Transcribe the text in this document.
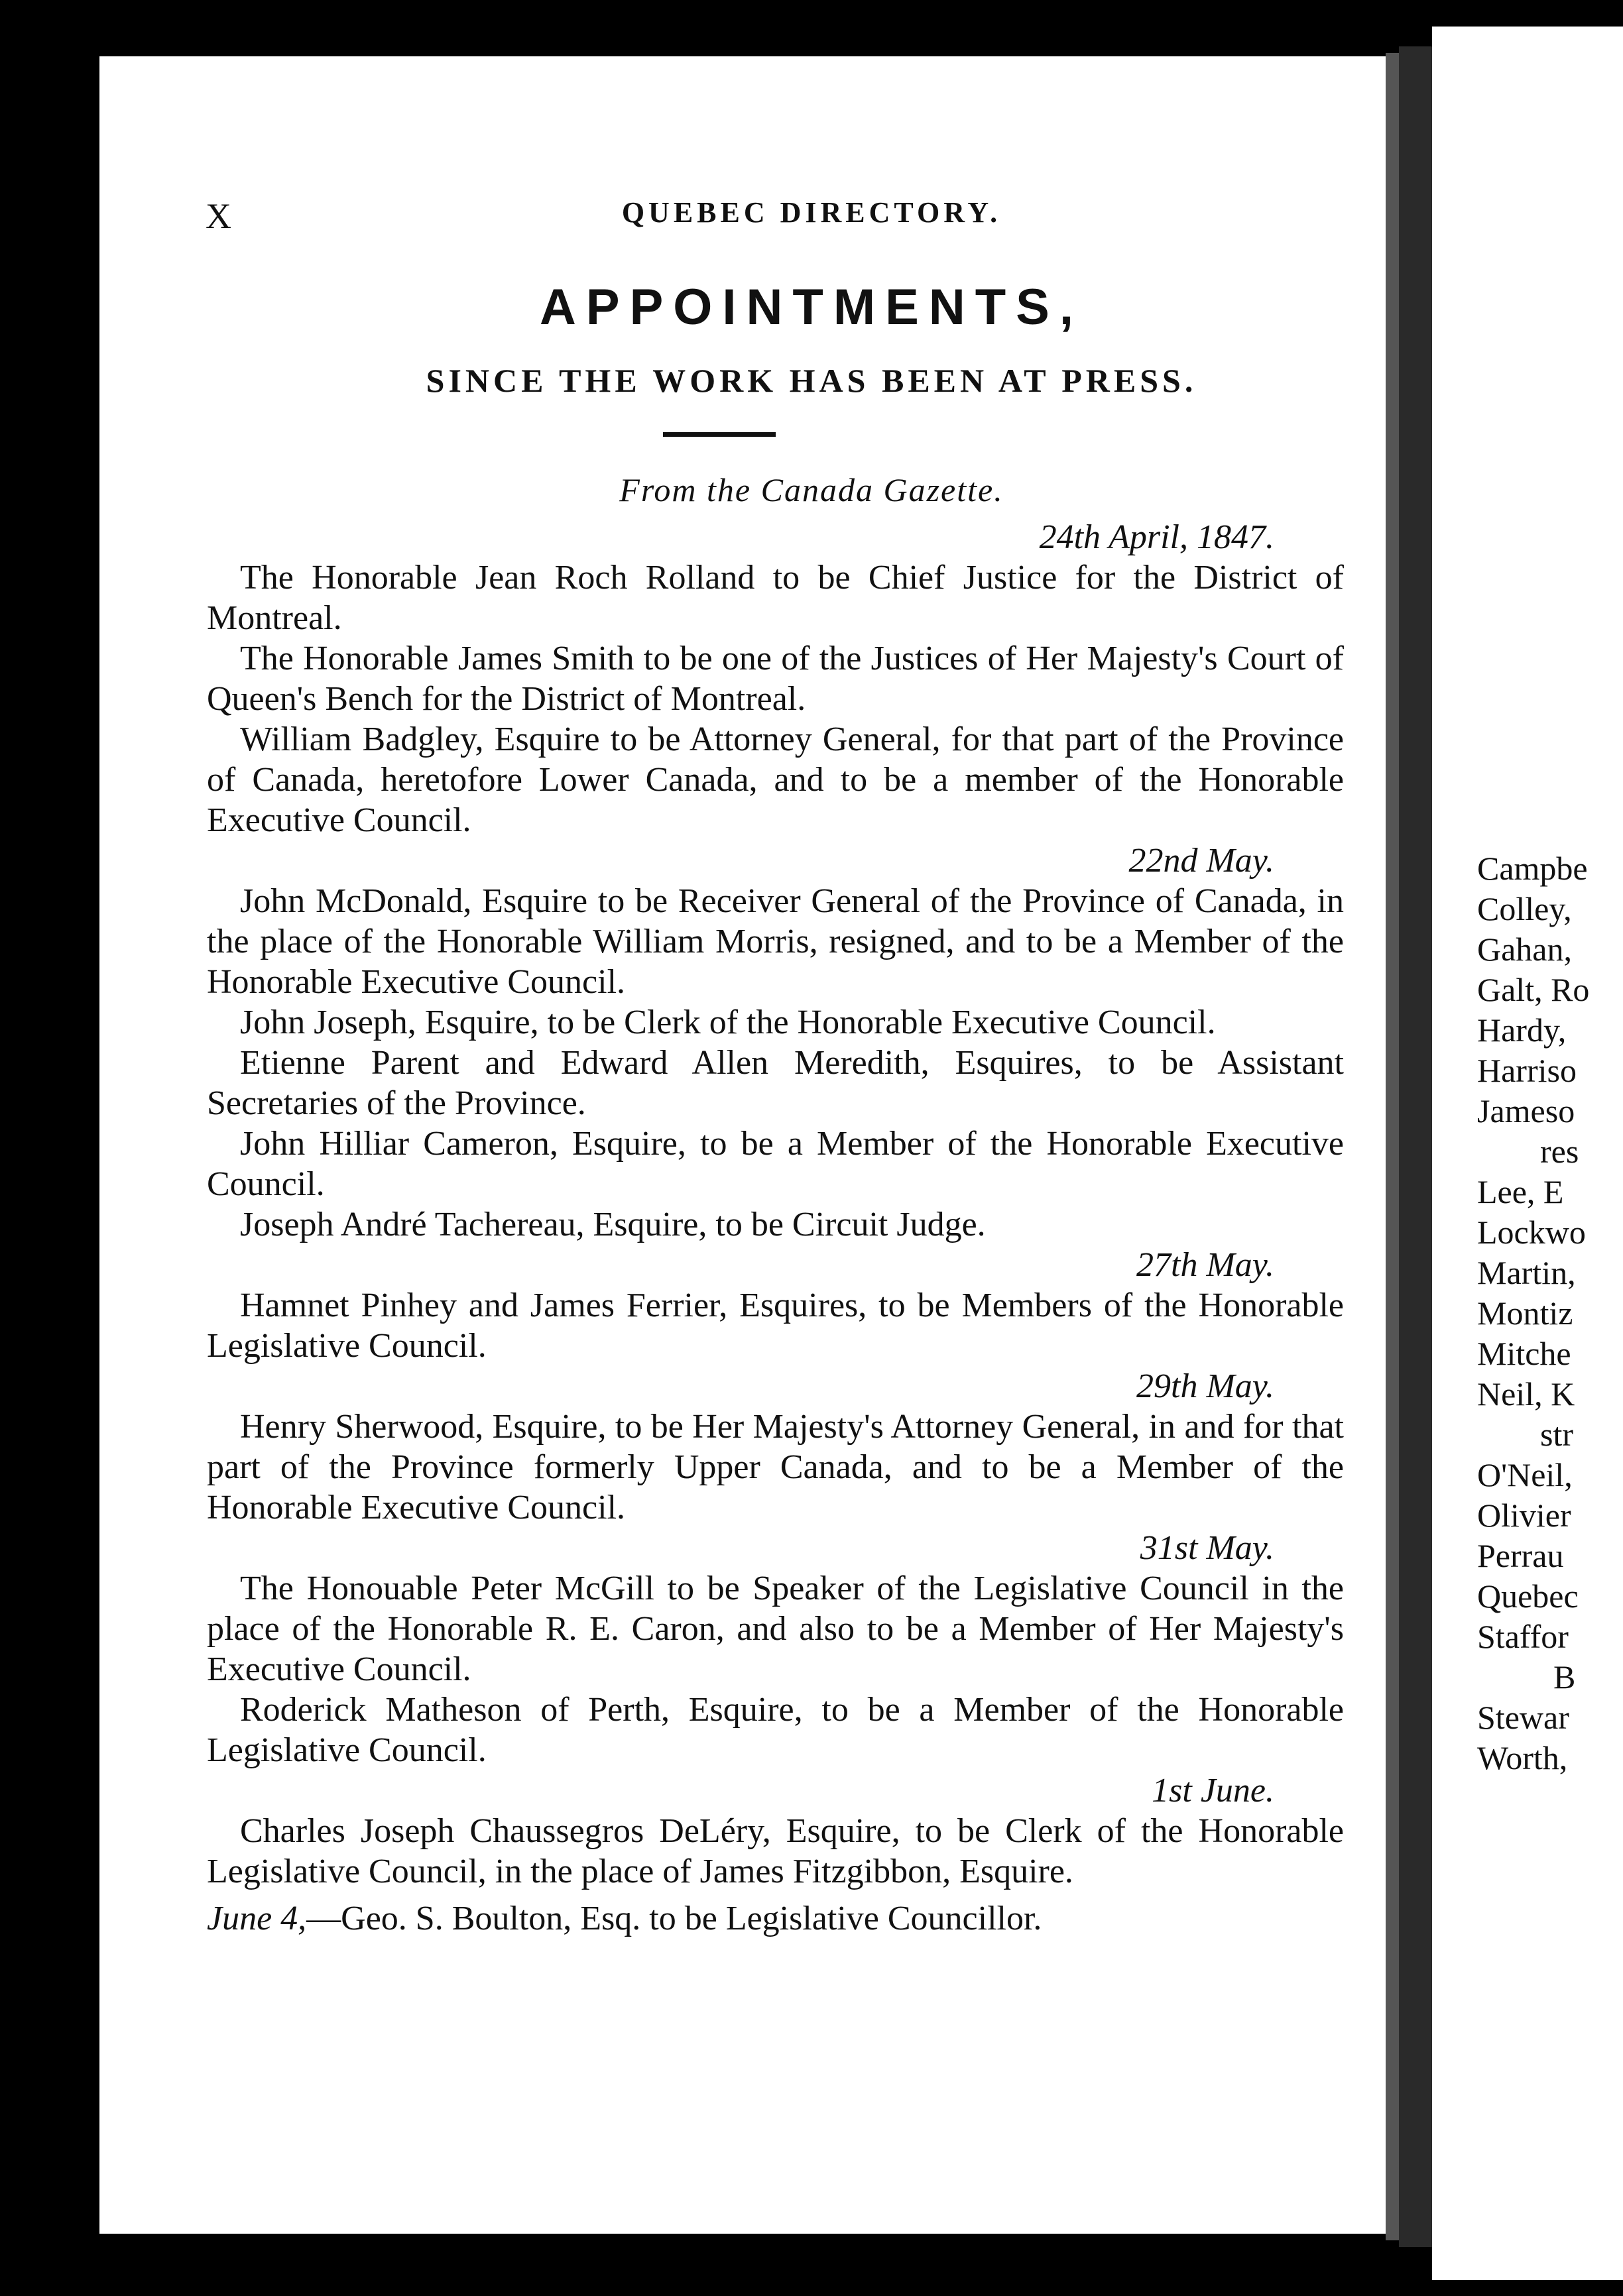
X	QUEBEC DIRECTORY.
APPOINTMENTS,
SINCE THE WORK HAS BEEN AT PRESS.
From the Canada Gazette.
24th April, 1847.

The Honorable Jean Roch Rolland to be Chief Justice for the District of Montreal.

The Honorable James Smith to be one of the Justices of Her Majesty's Court of Queen's Bench for the District of Montreal.

William Badgley, Esquire to be Attorney General, for that part of the Province of Canada, heretofore Lower Canada, and to be a member of the Honorable Executive Council.

22nd May.

John McDonald, Esquire to be Receiver General of the Province of Canada, in the place of the Honorable William Morris, resigned, and to be a Member of the Honorable Executive Council.

John Joseph, Esquire, to be Clerk of the Honorable Executive Council.

Etienne Parent and Edward Allen Meredith, Esquires, to be Assistant Secretaries of the Province.

John Hilliar Cameron, Esquire, to be a Member of the Honorable Executive Council.

Joseph André Tachereau, Esquire, to be Circuit Judge.

27th May.

Hamnet Pinhey and James Ferrier, Esquires, to be Members of the Honorable Legislative Council.

29th May.

Henry Sherwood, Esquire, to be Her Majesty's Attorney General, in and for that part of the Province formerly Upper Canada, and to be a Member of the Honorable Executive Council.

31st May.

The Honouable Peter McGill to be Speaker of the Legislative Council in the place of the Honorable R. E. Caron, and also to be a Member of Her Majesty's Executive Council.

Roderick Matheson of Perth, Esquire, to be a Member of the Honorable Legislative Council.

1st June.

Charles Joseph Chaussegros DeLéry, Esquire, to be Clerk of the Honorable Legislative Council, in the place of James Fitzgibbon, Esquire.

June 4,—Geo. S. Boulton, Esq. to be Legislative Councillor.
Campbe
Colley,
Gahan,
Galt, Ro
Hardy,
Harriso
Jameso
res
Lee, E
Lockwo
Martin,
Montiz
Mitche
Neil, K
str
O'Neil,
Olivier
Perrau
Quebec
Staffor
B
Stewar
Worth,
